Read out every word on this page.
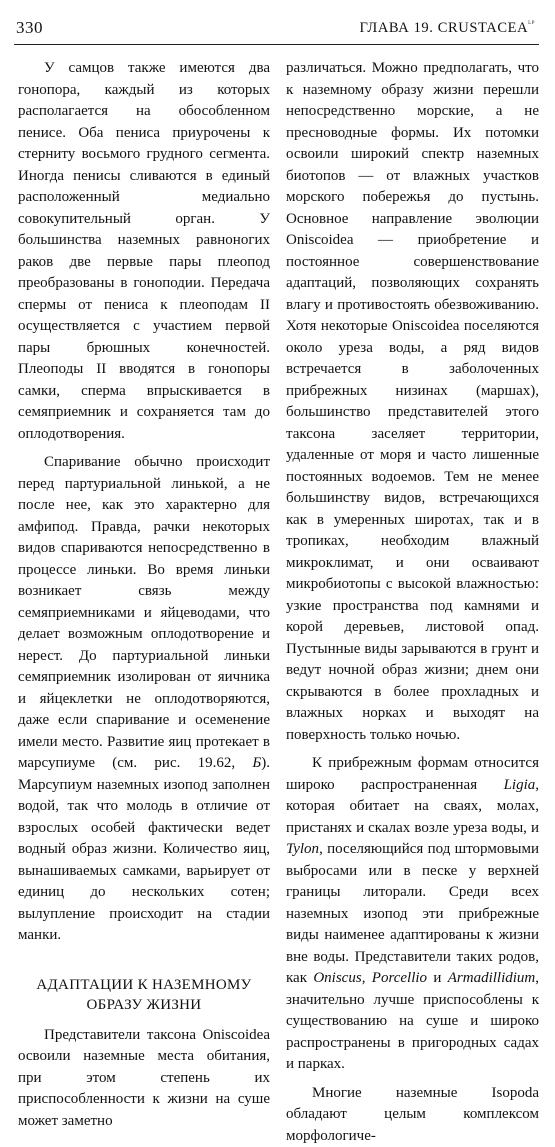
330	ГЛАВА 19. $CRUSTACEA^{ᴸᴾ}$

У самцов также имеются два гонопора, каждый из которых располагается на обособленном пенисе. Оба пениса приурочены к стерниту восьмого грудного сегмента. Иногда пенисы сливаются в единый расположенный медиально совокупительный орган. У большинства наземных равноногих раков две первые пары плеопод преобразованы в гоноподии. Передача спермы от пениса к плеоподам II осуществляется с участием первой пары брюшных конечностей. Плеоподы II вводятся в гонопоры самки, сперма впрыскивается в семяприемник и сохраняется там до оплодотворения.

Спаривание обычно происходит перед партуриальной линькой, а не после нее, как это характерно для амфипод. Правда, рачки некоторых видов спариваются непосредственно в процессе линьки. Во время линьки возникает связь между семяприемниками и яйцеводами, что делает возможным оплодотворение и нерест. До партуриальной линьки семяприемник изолирован от яичника и яйцеклетки не оплодотворяются, даже если спаривание и осеменение имели место. Развитие яиц протекает в марсупиуме (см. рис. 19.62, Б). Марсупиум наземных изопод заполнен водой, так что молодь в отличие от взрослых особей фактически ведет водный образ жизни. Количество яиц, вынашиваемых самками, варьирует от единиц до нескольких сотен; вылупление происходит на стадии манки.

АДАПТАЦИИ К НАЗЕМНОМУ
ОБРАЗУ ЖИЗНИ

Представители таксона Oniscoidea освоили наземные места обитания, при этом степень их приспособленности к жизни на суше может заметно

различаться. Можно предполагать, что к наземному образу жизни перешли непосредственно морские, а не пресноводные формы. Их потомки освоили широкий спектр наземных биотопов — от влажных участков морского побережья до пустынь. Основное направление эволюции Oniscoidea — приобретение и постоянное совершенствование адаптаций, позволяющих сохранять влагу и противостоять обезвоживанию. Хотя некоторые Oniscoidea поселяются около уреза воды, а ряд видов встречается в заболоченных прибрежных низинах (маршах), большинство представителей этого таксона заселяет территории, удаленные от моря и часто лишенные постоянных водоемов. Тем не менее большинству видов, встречающихся как в умеренных широтах, так и в тропиках, необходим влажный микроклимат, и они осваивают микробиотопы с высокой влажностью: узкие пространства под камнями и корой деревьев, листовой опад. Пустынные виды зарываются в грунт и ведут ночной образ жизни; днем они скрываются в более прохладных и влажных норках и выходят на поверхность только ночью.

К прибрежным формам относится широко распространенная Ligia, которая обитает на сваях, молах, пристанях и скалах возле уреза воды, и Tylon, поселяющийся под штормовыми выбросами или в песке у верхней границы литорали. Среди всех наземных изопод эти прибрежные виды наименее адаптированы к жизни вне воды. Представители таких родов, как Oniscus, Porcellio и Armadillidium, значительно лучше приспособлены к существованию на суше и широко распространены в пригородных садах и парках.

Многие наземные Isopoda обладают целым комплексом морфологиче-
